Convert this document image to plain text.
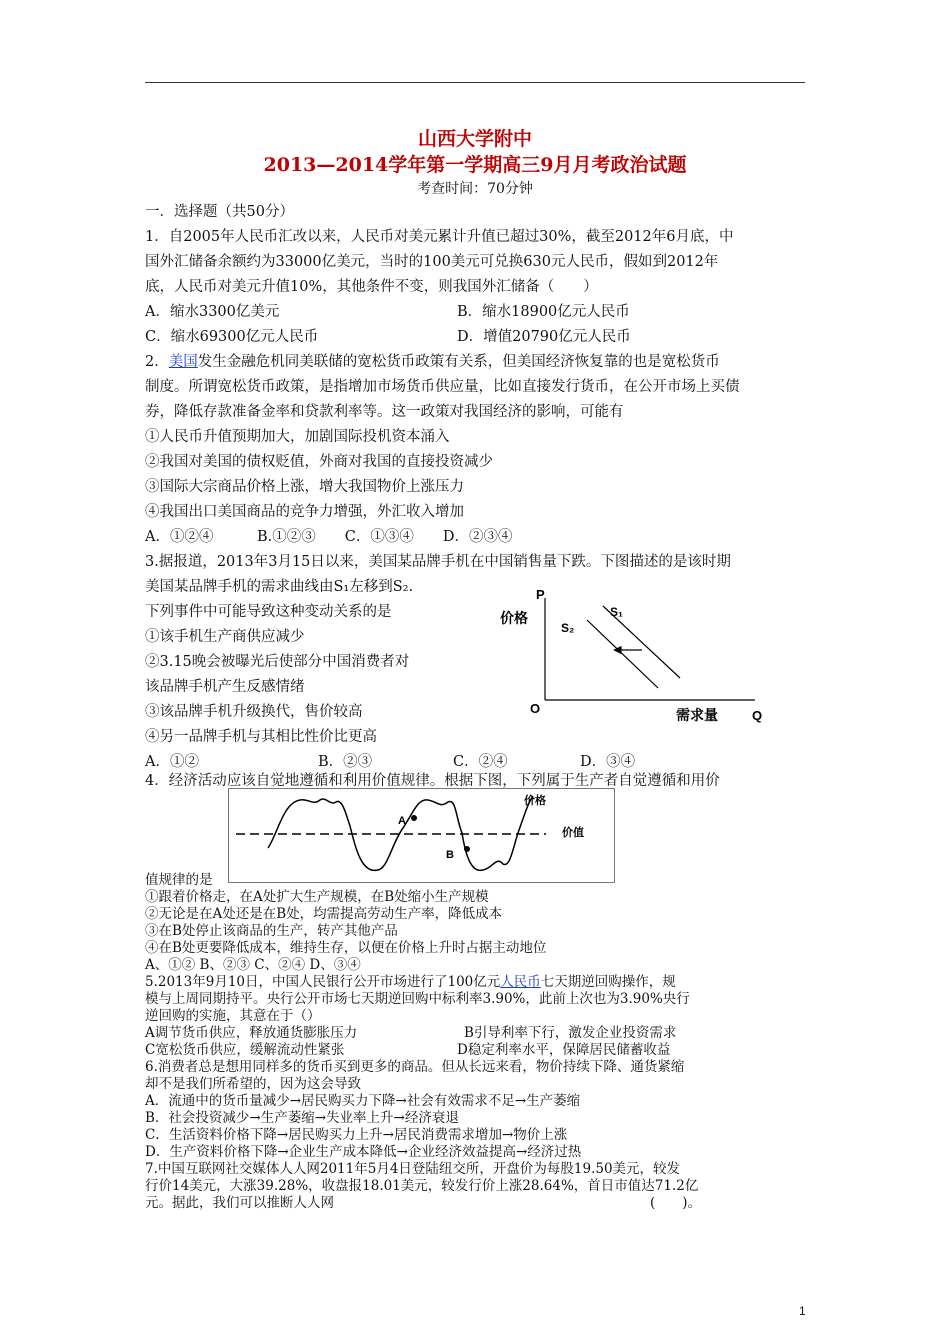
山西大学附中
2013—2014学年第一学期高三9月月考政治试题
考查时间：70分钟
一．选择题（共50分）
1．自2005年人民币汇改以来，人民币对美元累计升值已超过30%，截至2012年6月底，中
国外汇储备余额约为33000亿美元，当时的100美元可兑换630元人民币，假如到2012年
底，人民币对美元升值10%，其他条件不变，则我国外汇储备（　　）
A．缩水3300亿美元	B．缩水18900亿元人民币
C．缩水69300亿元人民币	D．增值20790亿元人民币
2．美国发生金融危机同美联储的宽松货币政策有关系，但美国经济恢复靠的也是宽松货币
制度。所谓宽松货币政策，是指增加市场货币供应量，比如直接发行货币，在公开市场上买债
券，降低存款准备金率和贷款利率等。这一政策对我国经济的影响，可能有
①人民币升值预期加大，加剧国际投机资本涌入
②我国对美国的债权贬值，外商对我国的直接投资减少
③国际大宗商品价格上涨，增大我国物价上涨压力
④我国出口美国商品的竞争力增强，外汇收入增加
A．①②④　　　B.①②③　　C．①③④　　D．②③④
3.据报道，2013年3月15日以来，美国某品牌手机在中国销售量下跌。下图描述的是该时期
美国某品牌手机的需求曲线由S₁左移到S₂.
下列事件中可能导致这种变动关系的是
①该手机生产商供应减少
②3.15晚会被曝光后使部分中国消费者对
该品牌手机产生反感情绪
③该品牌手机升级换代，售价较高
④另一品牌手机与其相比性价比更高
A．①②	B．②③	C．②④	D．③④
P
价格	S₁
S₂
O	需求量	Q
4．经济活动应该自觉地遵循和利用价值规律。根据下图，下列属于生产者自觉遵循和用价
A
B
价格
价值
值规律的是
①跟着价格走，在A处扩大生产规模，在B处缩小生产规模
②无论是在A处还是在B处，均需提高劳动生产率，降低成本
③在B处停止该商品的生产，转产其他产品
④在B处更要降低成本，维持生存，以便在价格上升时占据主动地位
A、①② B、②③ C、②④ D、③④
5.2013年9月10日，中国人民银行公开市场进行了100亿元人民币七天期逆回购操作，规
模与上周同期持平。央行公开市场七天期逆回购中标利率3.90%，此前上次也为3.90%央行
逆回购的实施，其意在于（）
A调节货币供应，释放通货膨胀压力	B引导利率下行，激发企业投资需求
C宽松货币供应，缓解流动性紧张	D稳定利率水平，保障居民储蓄收益
6.消费者总是想用同样多的货币买到更多的商品。但从长远来看，物价持续下降、通货紧缩
却不是我们所希望的，因为这会导致
A．流通中的货币量减少→居民购买力下降→社会有效需求不足→生产萎缩
B．社会投资减少→生产萎缩→失业率上升→经济衰退
C．生活资料价格下降→居民购买力上升→居民消费需求增加→物价上涨
D．生产资料价格下降→企业生产成本降低→企业经济效益提高→经济过热
7.中国互联网社交媒体人人网2011年5月4日登陆纽交所，开盘价为每股19.50美元，较发
行价14美元，大涨39.28%，收盘报18.01美元，较发行价上涨28.64%，首日市值达71.2亿
元。据此，我们可以推断人人网	(　　)。
1
